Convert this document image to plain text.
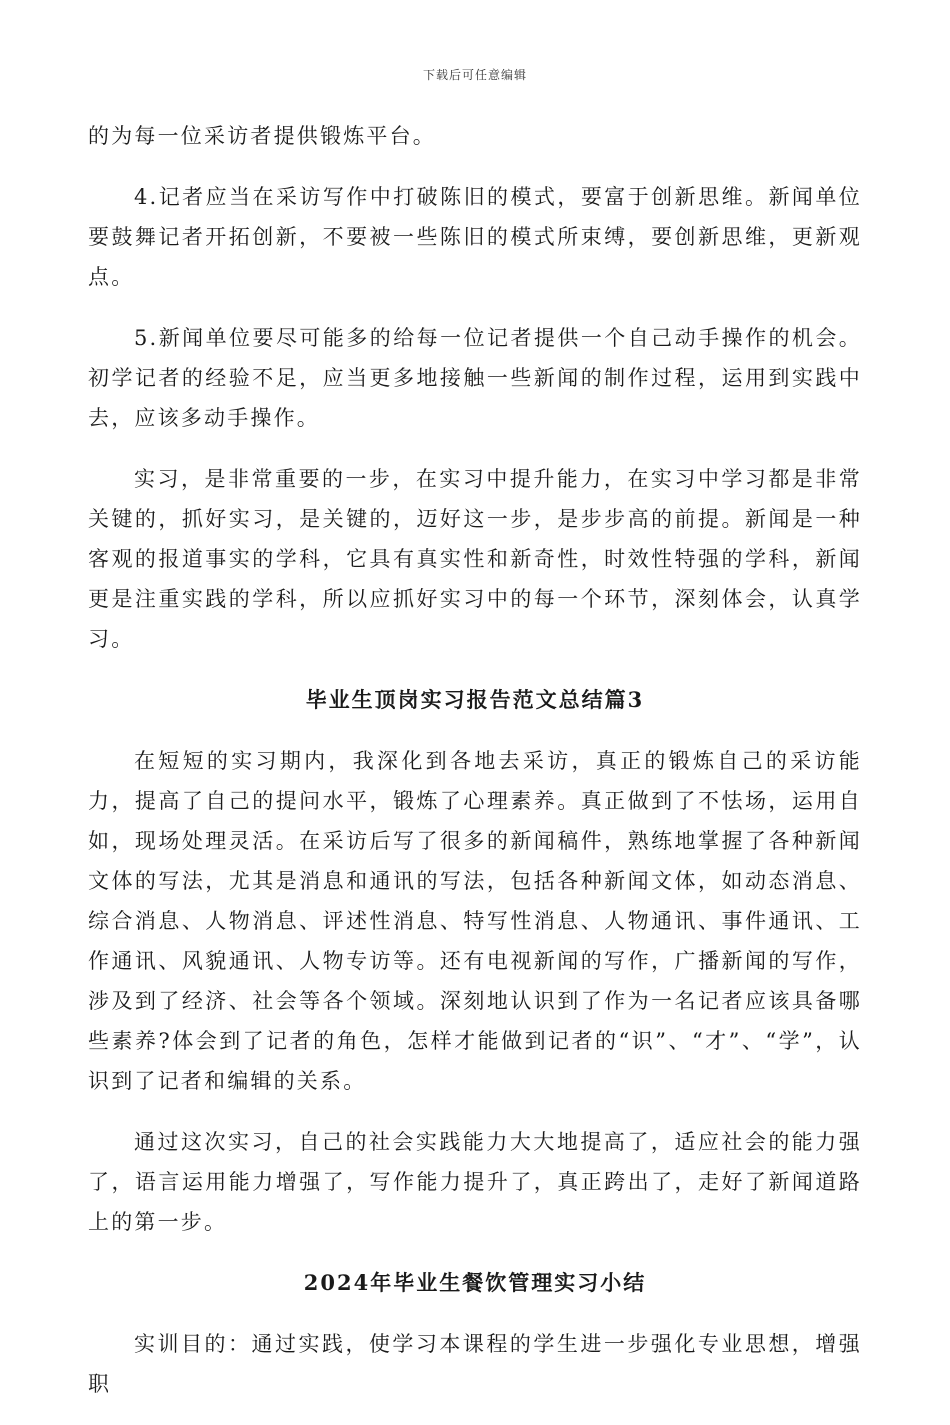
下载后可任意编辑

的为每一位采访者提供锻炼平台。

4.记者应当在采访写作中打破陈旧的模式，要富于创新思维。新闻单位要鼓舞记者开拓创新，不要被一些陈旧的模式所束缚，要创新思维，更新观点。

5.新闻单位要尽可能多的给每一位记者提供一个自己动手操作的机会。初学记者的经验不足，应当更多地接触一些新闻的制作过程，运用到实践中去，应该多动手操作。

实习，是非常重要的一步，在实习中提升能力，在实习中学习都是非常关键的，抓好实习，是关键的，迈好这一步，是步步高的前提。新闻是一种客观的报道事实的学科，它具有真实性和新奇性，时效性特强的学科，新闻更是注重实践的学科，所以应抓好实习中的每一个环节，深刻体会，认真学习。

毕业生顶岗实习报告范文总结篇3

在短短的实习期内，我深化到各地去采访，真正的锻炼自己的采访能力，提高了自己的提问水平，锻炼了心理素养。真正做到了不怯场，运用自如，现场处理灵活。在采访后写了很多的新闻稿件，熟练地掌握了各种新闻文体的写法，尤其是消息和通讯的写法，包括各种新闻文体，如动态消息、综合消息、人物消息、评述性消息、特写性消息、人物通讯、事件通讯、工作通讯、风貌通讯、人物专访等。还有电视新闻的写作，广播新闻的写作，涉及到了经济、社会等各个领域。深刻地认识到了作为一名记者应该具备哪些素养?体会到了记者的角色，怎样才能做到记者的“识”、“才”、“学”，认识到了记者和编辑的关系。

通过这次实习，自己的社会实践能力大大地提高了，适应社会的能力强了，语言运用能力增强了，写作能力提升了，真正跨出了，走好了新闻道路上的第一步。

2024年毕业生餐饮管理实习小结

实训目的：通过实践，使学习本课程的学生进一步强化专业思想，增强职
